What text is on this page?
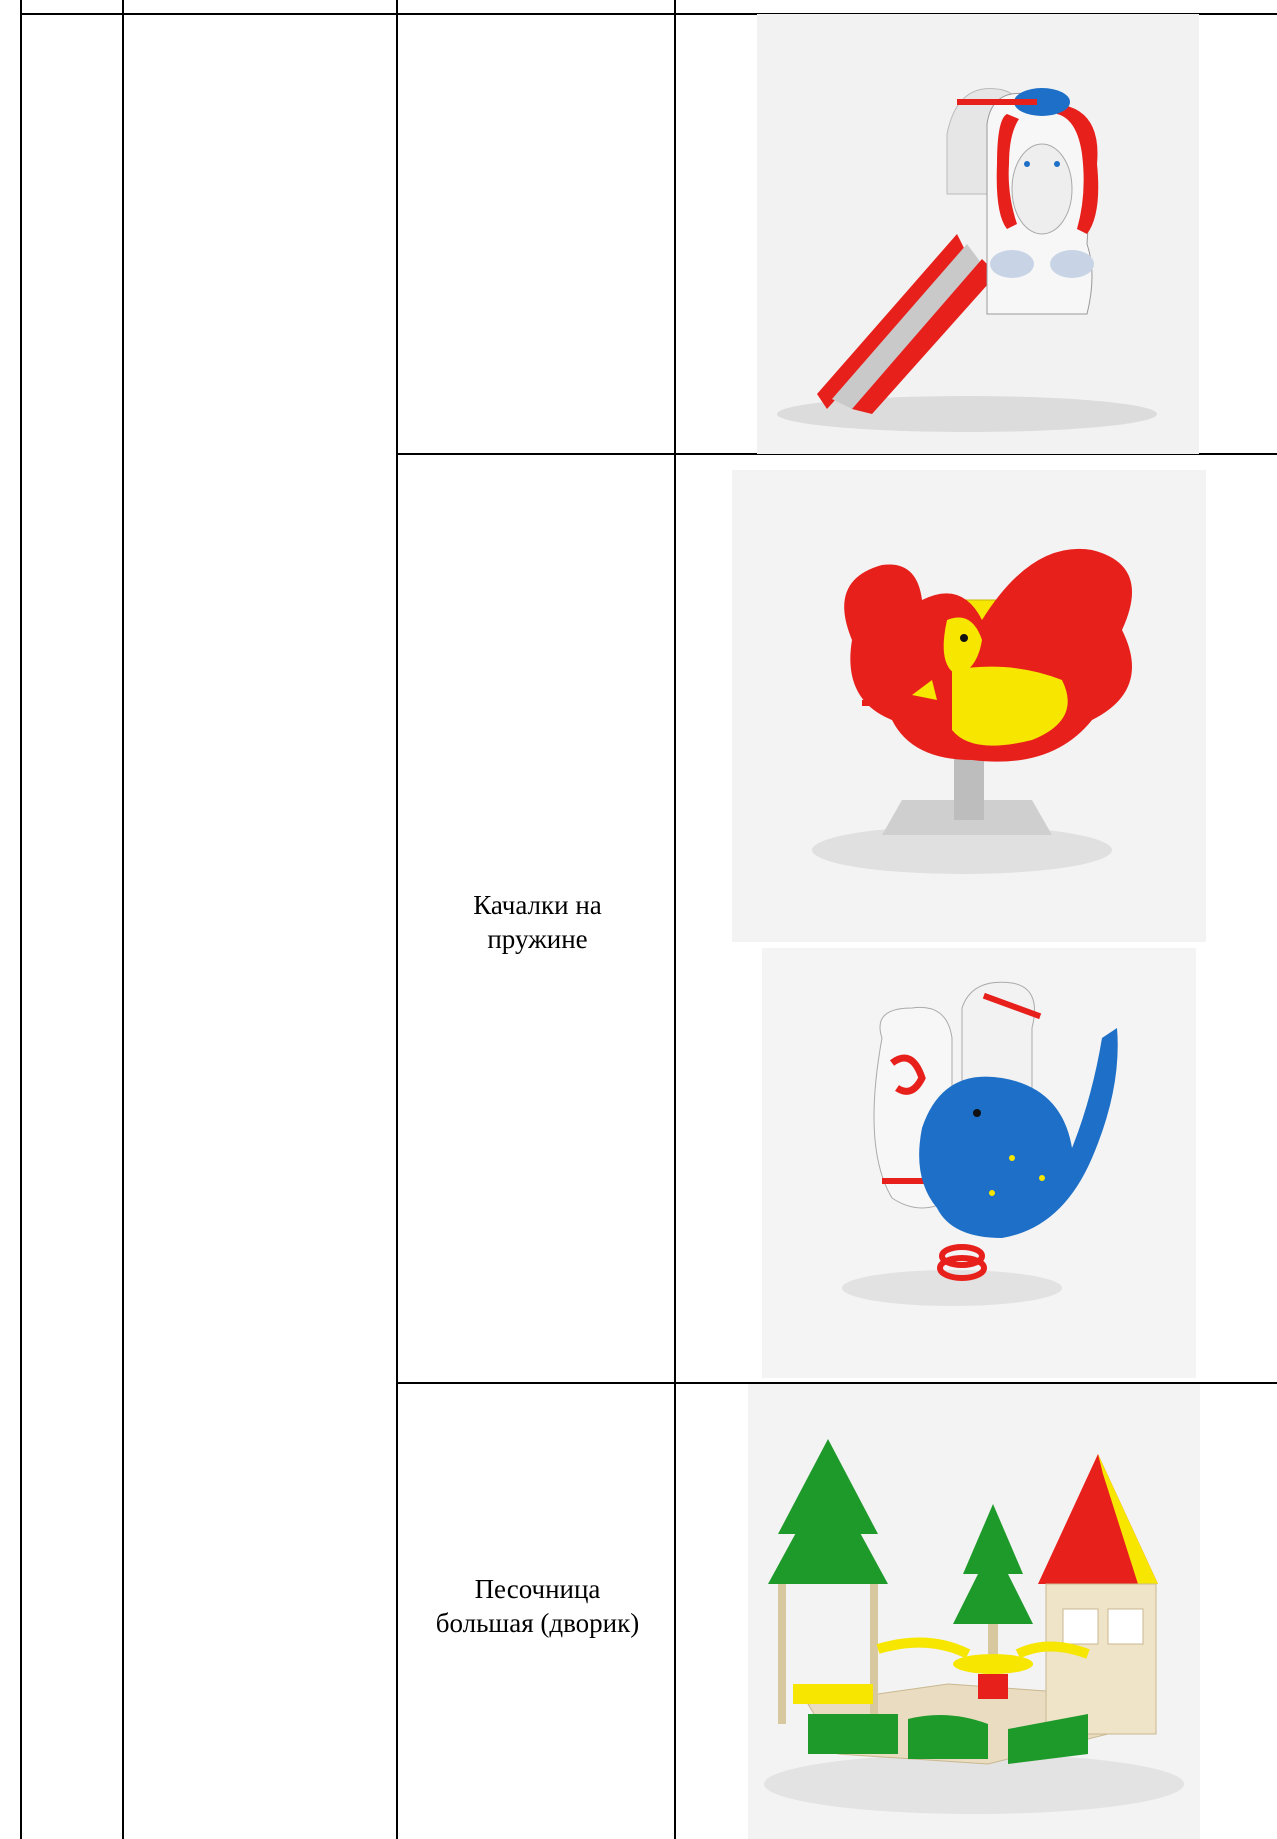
Качалки на
пружине
Песочница
большая (дворик)
